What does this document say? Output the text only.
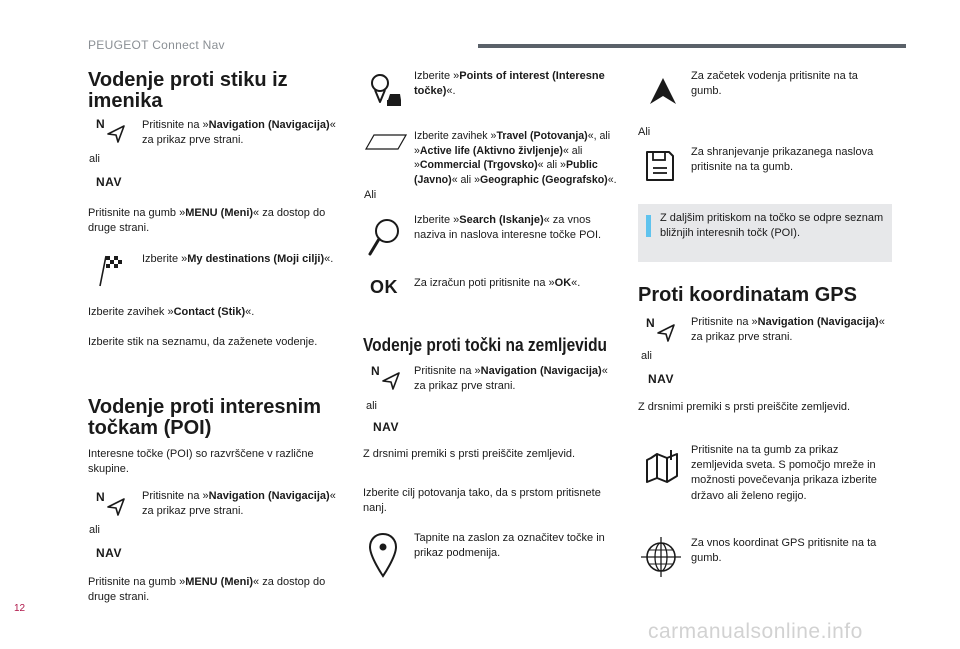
PEUGEOT Connect Nav
Vodenje proti stiku iz imenika
N
ali
NAV
Pritisnite na »Navigation (Navigacija)« za prikaz prve strani.
Pritisnite na gumb »MENU (Meni)« za dostop do druge strani.
Izberite »My destinations (Moji cilji)«.
Izberite zavihek »Contact (Stik)«.
Izberite stik na seznamu, da zaženete vodenje.
Vodenje proti interesnim točkam (POI)
Interesne točke (POI) so razvrščene v različne skupine.
N
ali
NAV
Pritisnite na »Navigation (Navigacija)« za prikaz prve strani.
Pritisnite na gumb »MENU (Meni)« za dostop do druge strani.
Izberite »Points of interest (Interesne točke)«.
Izberite zavihek »Travel (Potovanja)«, ali »Active life (Aktivno življenje)« ali »Commercial (Trgovsko)« ali »Public (Javno)« ali »Geographic (Geografsko)«.
Ali
Izberite »Search (Iskanje)« za vnos naziva in naslova interesne točke POI.
OK Za izračun poti pritisnite na »OK«.
Vodenje proti točki na zemljevidu
N
ali
NAV
Pritisnite na »Navigation (Navigacija)« za prikaz prve strani.
Z drsnimi premiki s prsti preiščite zemljevid.
Izberite cilj potovanja tako, da s prstom pritisnete nanj.
Tapnite na zaslon za označitev točke in prikaz podmenija.
Za začetek vodenja pritisnite na ta gumb.
Ali
Za shranjevanje prikazanega naslova pritisnite na ta gumb.
Z daljšim pritiskom na točko se odpre seznam bližnjih interesnih točk (POI).
Proti koordinatam GPS
N
ali
NAV
Pritisnite na »Navigation (Navigacija)« za prikaz prve strani.
Z drsnimi premiki s prsti preiščite zemljevid.
Pritisnite na ta gumb za prikaz zemljevida sveta. S pomočjo mreže in možnosti povečevanja prikaza izberite državo ali želeno regijo.
Za vnos koordinat GPS pritisnite na ta gumb.
12
carmanualsonline.info
